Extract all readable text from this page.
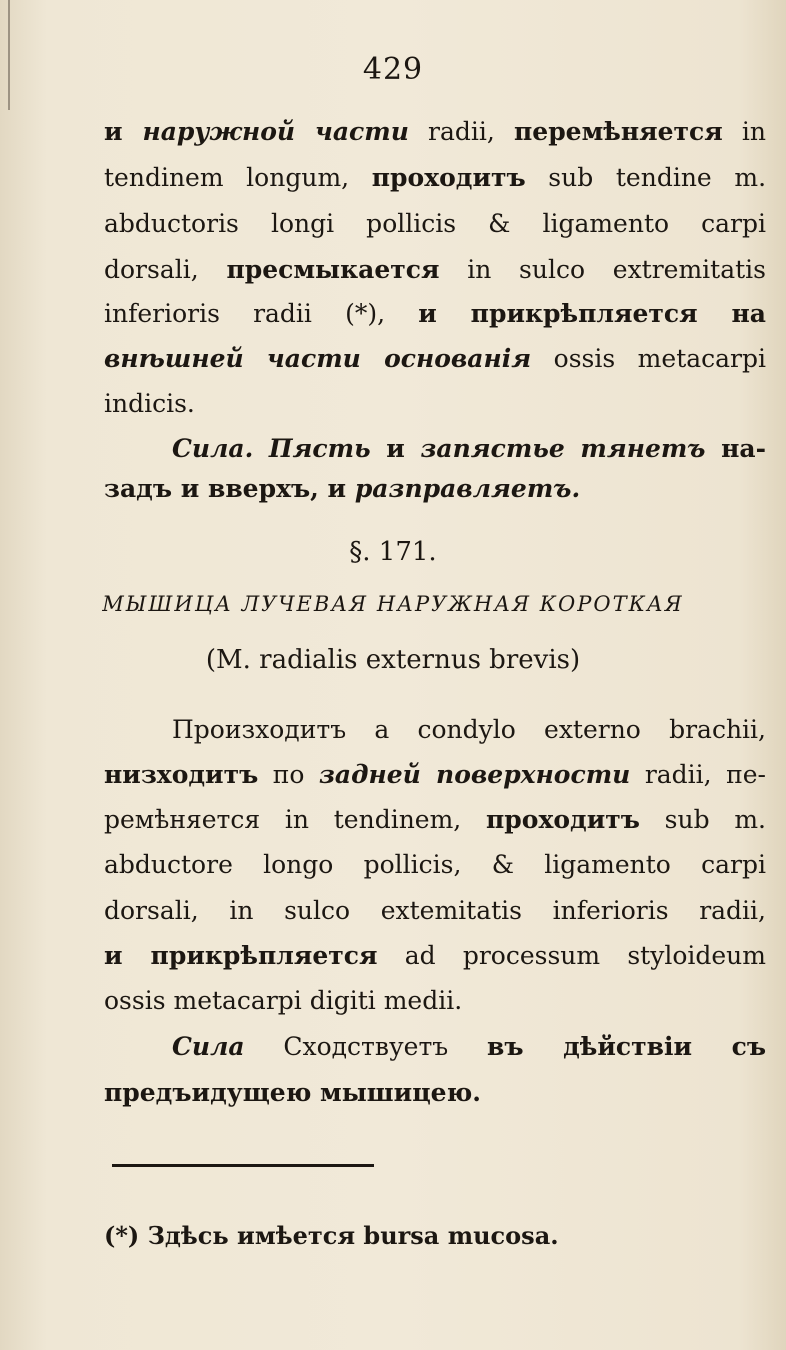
429
и наружной части radii, перемѣняется in
tendinem longum, проходитъ sub tendine m.
abductoris longi pollicis & ligamento carpi
dorsali, пресмыкается in sulco extremitatis
inferioris radii (*), и прикрѣпляется на
внѣшней части основанія ossis metacarpi
indicis.
Сила. Пясть и запястье тянетъ на-
задъ и вверхъ, и разправляетъ.
§. 171.
МЫШИЦА ЛУЧЕВАЯ НАРУЖНАЯ КОРОТКАЯ
(M. radialis externus brevis)
Произходитъ a condylo externo brachii,
низходитъ по задней поверхности radii, пе-
ремѣняется in tendinem, проходитъ sub m.
abductore longo pollicis, & ligamento carpi
dorsali, in sulco extemitatis inferioris radii,
и прикрѣпляется ad processum styloideum
ossis metacarpi digiti medii.
Сила Сходствуетъ въ дѣйствіи съ
предъидущею мышицею.
(*) Здѣсь имѣется bursa mucosa.
